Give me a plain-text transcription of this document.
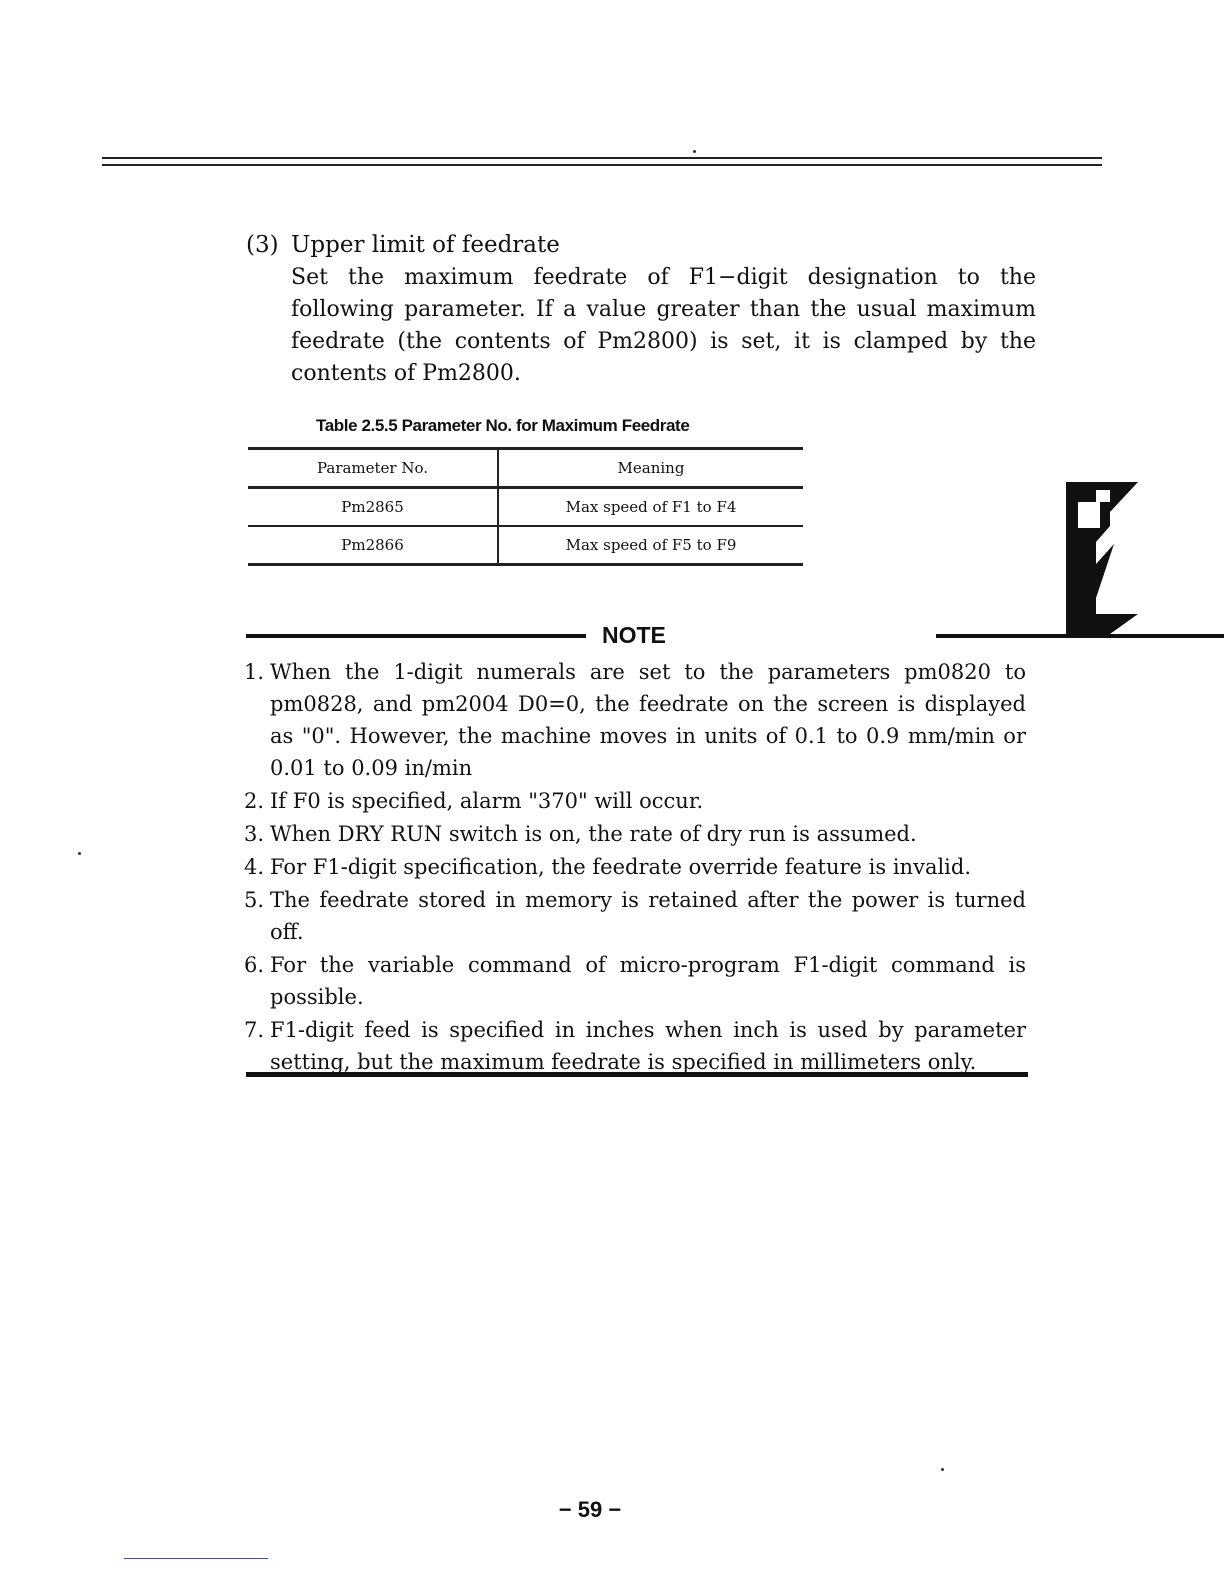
(3) Upper limit of feedrate
Set the maximum feedrate of F1−digit designation to the following parameter. If a value greater than the usual maximum feedrate (the contents of Pm2800) is set, it is clamped by the contents of Pm2800.
Table 2.5.5 Parameter No. for Maximum Feedrate
Parameter No.	Meaning
Pm2865	Max speed of F1 to F4
Pm2866	Max speed of F5 to F9
NOTE
1. When the 1-digit numerals are set to the parameters pm0820 to pm0828, and pm2004 D0=0, the feedrate on the screen is displayed as "0". However, the machine moves in units of 0.1 to 0.9 mm/min or 0.01 to 0.09 in/min
2. If F0 is specified, alarm "370" will occur.
3. When DRY RUN switch is on, the rate of dry run is assumed.
4. For F1-digit specification, the feedrate override feature is invalid.
5. The feedrate stored in memory is retained after the power is turned off.
6. For the variable command of micro-program F1-digit command is possible.
7. F1-digit feed is specified in inches when inch is used by parameter setting, but the maximum feedrate is specified in millimeters only.
− 59 −
